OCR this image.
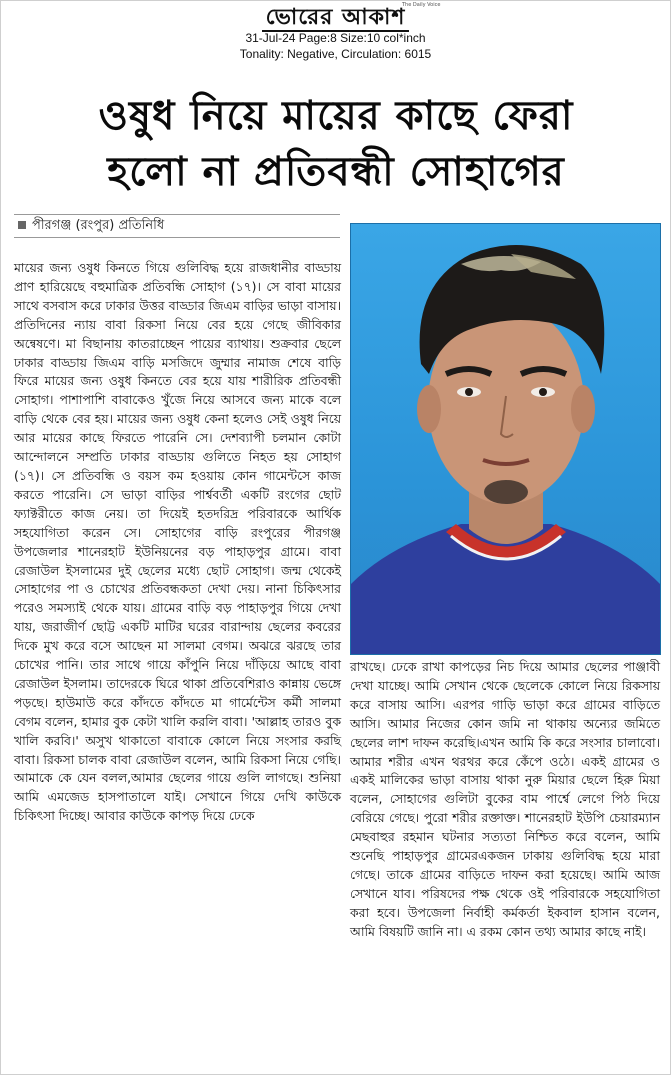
ভোরের আকাশ
The Daily Voice
31-Jul-24 Page:8 Size:10 col*inch
Tonality: Negative, Circulation: 6015
ওষুধ নিয়ে মায়ের কাছে ফেরা
হলো না প্রতিবন্ধী সোহাগের
পীরগঞ্জ (রংপুর) প্রতিনিধি
মায়ের জন্য ওষুধ কিনতে গিয়ে গুলিবিদ্ধ হয়ে রাজধানীর বাড্ডায় প্রাণ হারিয়েছে বহুমাত্রিক প্রতিবন্ধি সোহাগ (১৭)। সে বাবা মায়ের সাথে বসবাস করে ঢাকার উত্তর বাড্ডার জিএম বাড়ির ভাড়া বাসায়। প্রতিদিনের ন্যায় বাবা রিকসা নিয়ে বের হয়ে গেছে জীবিকার অন্বেষণে। মা বিছানায় কাতরাচ্ছেন পায়ের ব্যাথায়। শুক্রবার ছেলে ঢাকার বাড্ডায় জিএম বাড়ি মসজিদে জুম্মার নামাজ শেষে বাড়ি ফিরে মায়ের জন্য ওষুধ কিনতে বের হয়ে যায় শারীরিক প্রতিবন্ধী সোহাগ। পাশাপাশি বাবাকেও খুঁজে নিয়ে আসবে জন্য মাকে বলে বাড়ি থেকে বের হয়। মায়ের জন্য ওষুধ কেনা হলেও সেই ওষুধ নিয়ে আর মায়ের কাছে ফিরতে পারেনি সে। দেশব্যাপী চলমান কোটা আন্দোলনে সম্প্রতি ঢাকার বাড্ডায় গুলিতে নিহত হয় সোহাগ (১৭)। সে প্রতিবন্ধি ও বয়স কম হওয়ায় কোন গামেন্টসে কাজ করতে পারেনি। সে ভাড়া বাড়ির পার্শ্ববর্তী একটি রংগের ছোট ফ্যাক্টরীতে কাজ নেয়। তা দিয়েই হতদরিদ্র পরিবারকে আর্থিক সহযোগিতা করেন সে। সোহাগের বাড়ি রংপুরের পীরগঞ্জ উপজেলার শানেরহাট ইউনিয়নের বড় পাহাড়পুর গ্রামে। বাবা রেজাউল ইসলামের দুই ছেলের মধ্যে ছোট সোহাগ। জন্ম থেকেই সোহাগের পা ও চোখের প্রতিবন্ধকতা দেখা দেয়। নানা চিকিৎসার পরেও সমস্যাই থেকে যায়। গ্রামের বাড়ি বড় পাহাড়পুর গিয়ে দেখা যায়, জরাজীর্ণ ছোট্ট একটি মাটির ঘরের বারান্দায় ছেলের কবরের দিকে মুখ করে বসে আছেন মা সালমা বেগম। অঝরে ঝরছে তার চোখের পানি। তার সাথে গায়ে কাঁপুনি নিয়ে দাঁড়িয়ে আছে বাবা রেজাউল ইসলাম। তাদেরকে ঘিরে থাকা প্রতিবেশিরাও কান্নায় ভেঙ্গে পড়ছে। হাউমাউ করে কাঁদতে কাঁদতে মা গার্মেন্টেস কর্মী সালমা বেগম বলেন, হামার বুক কেটা খালি করলি বাবা। 'আল্লাহ তারও বুক খালি করবি।' অসুখ থাকাতো বাবাকে কোলে নিয়ে সংসার করছি বাবা। রিকসা চালক বাবা রেজাউল বলেন, আমি রিকসা নিয়ে গেছি। আমাকে কে যেন বলল,আমার ছেলের গায়ে গুলি লাগছে। শুনিয়া আমি এমজেড হাসপাতালে যাই। সেখানে গিয়ে দেখি কাউকে চিকিৎসা দিচ্ছে। আবার কাউকে কাপড় দিয়ে ঢেকে
রাখছে। ঢেকে রাখা কাপড়ের নিচ দিয়ে আমার ছেলের পাঞ্জাবী দেখা যাচ্ছে। আমি সেখান থেকে ছেলেকে কোলে নিয়ে রিকসায় করে বাসায় আসি। এরপর গাড়ি ভাড়া করে গ্রামের বাড়িতে আসি। আমার নিজের কোন জমি না থাকায় অন্যের জমিতে ছেলের লাশ দাফন করেছি।এখন আমি কি করে সংসার চালাবো। আমার শরীর এখন থরথর করে কেঁপে ওঠে। একই গ্রামের ও একই মালিকের ভাড়া বাসায় থাকা নুরু মিয়ার ছেলে হিরু মিয়া বলেন, সোহাগের গুলিটা বুকের বাম পার্শ্বে লেগে পিঠ দিয়ে বেরিয়ে গেছে। পুরো শরীর রক্তাক্ত। শানেরহাট ইউপি চেয়ারম্যান মেছবাহুর রহমান ঘটনার সত্যতা নিশ্চিত করে বলেন, আমি শুনেছি পাহাড়পুর গ্রামেরএকজন ঢাকায় গুলিবিদ্ধ হয়ে মারা গেছে। তাকে গ্রামের বাড়িতে দাফন করা হয়েছে। আমি আজ সেখানে যাব। পরিষদের পক্ষ থেকে ওই পরিবারকে সহযোগিতা করা হবে। উপজেলা নির্বাহী কর্মকর্তা ইকবাল হাসান বলেন, আমি বিষয়টি জানি না। এ রকম কোন তথ্য আমার কাছে নাই।
